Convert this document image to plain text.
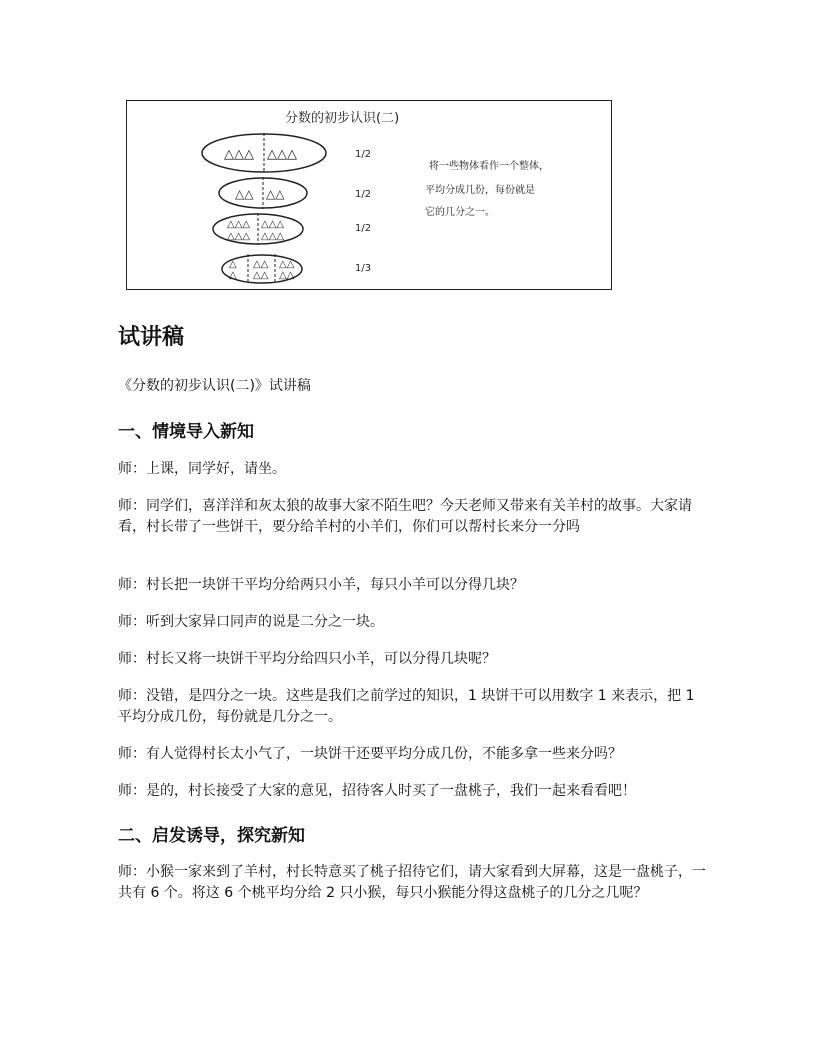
分数的初步认识(二)
△△△ △△△
△△ △△
△△△ △△△
△△△ △△△
△
△
△△
△△
△△
△△
1/2
1/2
1/2
1/3
将一些物体看作一个整体，
平均分成几份，每份就是
它的几分之一。
试讲稿

《分数的初步认识(二)》试讲稿

一、情境导入新知

师：上课，同学好，请坐。

师：同学们，喜洋洋和灰太狼的故事大家不陌生吧？今天老师又带来有关羊村的故事。大家请看，村长带了一些饼干，要分给羊村的小羊们，你们可以帮村长来分一分吗

师：村长把一块饼干平均分给两只小羊，每只小羊可以分得几块？

师：听到大家异口同声的说是二分之一块。

师：村长又将一块饼干平均分给四只小羊，可以分得几块呢？

师：没错，是四分之一块。这些是我们之前学过的知识，1 块饼干可以用数字 1 来表示，把 1 平均分成几份，每份就是几分之一。

师：有人觉得村长太小气了，一块饼干还要平均分成几份，不能多拿一些来分吗？

师：是的，村长接受了大家的意见，招待客人时买了一盘桃子，我们一起来看看吧！

二、启发诱导，探究新知

师：小猴一家来到了羊村，村长特意买了桃子招待它们，请大家看到大屏幕，这是一盘桃子，一共有 6 个。将这 6 个桃平均分给 2 只小猴，每只小猴能分得这盘桃子的几分之几呢？
